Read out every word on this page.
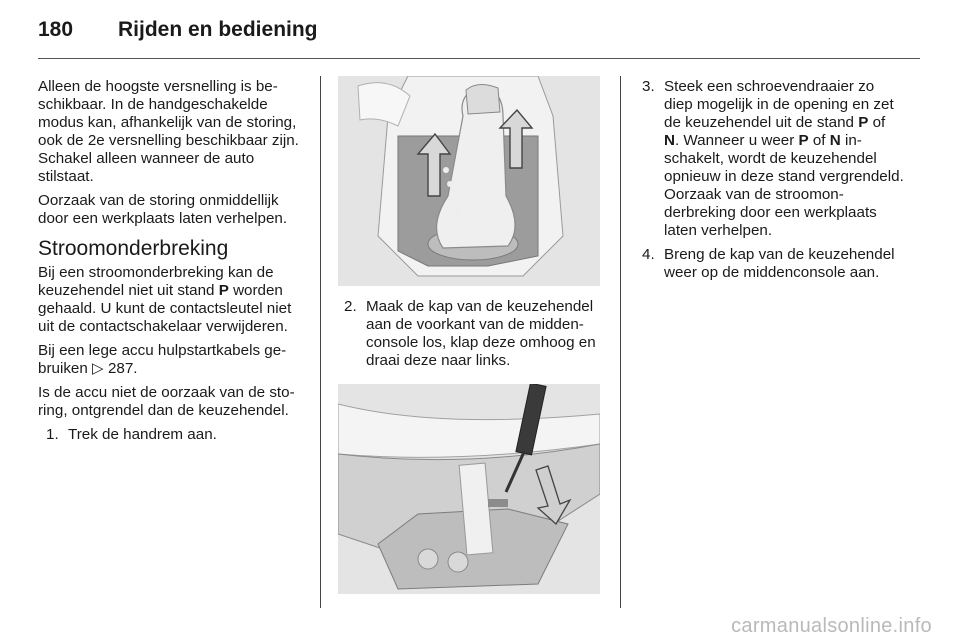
180 Rijden en bediening

Alleen de hoogste versnelling is beschikbaar. In de handgeschakelde modus kan, afhankelijk van de storing, ook de 2e versnelling beschikbaar zijn. Schakel alleen wanneer de auto stilstaat.

Oorzaak van de storing onmiddellijk door een werkplaats laten verhelpen.

Stroomonderbreking

Bij een stroomonderbreking kan de keuzehendel niet uit stand P worden gehaald. U kunt de contactsleutel niet uit de contactschakelaar verwijderen.

Bij een lege accu hulpstartkabels gebruiken ▷ 287.

Is de accu niet de oorzaak van de storing, ontgrendel dan de keuzehendel.

1. Trek de handrem aan.
2. Maak de kap van de keuzehendel aan de voorkant van de middenconsole los, klap deze omhoog en draai deze naar links.
3. Steek een schroevendraaier zo diep mogelijk in de opening en zet de keuzehendel uit de stand P of N. Wanneer u weer P of N inschakelt, wordt de keuzehendel opnieuw in deze stand vergrendeld. Oorzaak van de stroomonderbreking door een werkplaats laten verhelpen.
4. Breng de kap van de keuzehendel weer op de middenconsole aan.
carmanualsonline.info
